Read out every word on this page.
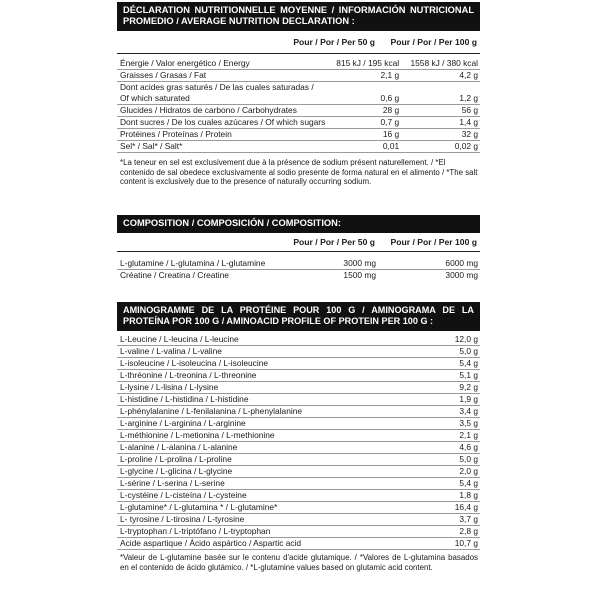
DÉCLARATION NUTRITIONNELLE MOYENNE / INFORMACIÓN NUTRICIONAL PROMEDIO / AVERAGE NUTRITION DECLARATION :
Pour / Por / Per 50 g	Pour / Por / Per 100 g
Énergie / Valor energético / Energy	815 kJ / 195 kcal	1558 kJ / 380 kcal
Graisses / Grasas / Fat	2,1 g	4,2 g
Dont acides gras saturés / De las cuales saturadas /		
Of which saturated	0,6 g	1,2 g
Glucides / Hidratos de carbono / Carbohydrates	28 g	56 g
Dont sucres / De los cuales azúcares / Of which sugars	0,7 g	1,4 g
Protéines / Proteínas / Protein	16 g	32 g
Sel* / Sal* / Salt*	0,01	0,02 g
*La teneur en sel est exclusivement due à la présence de sodium présent naturellement. / *El contenido de sal obedece exclusivamente al sodio presente de forma natural en el alimento / *The salt content is exclusively due to the presence of naturally occurring sodium.
COMPOSITION / COMPOSICIÓN / COMPOSITION:
Pour / Por / Per 50 g	Pour / Por / Per 100 g
L-glutamine / L-glutamina / L-glutamine	3000 mg	6000 mg
Créatine / Creatina / Creatine	1500 mg	3000 mg
AMINOGRAMME DE LA PROTÉINE POUR 100 G / AMINOGRAMA DE LA PROTEÍNA POR 100 G / AMINOACID PROFILE OF PROTEIN PER 100 G :
L-Leucine / L-leucina / L-leucine	12,0 g
L-valine / L-valina / L-valine	5,0 g
L-isoleucine / L-isoleucina / L-isoleucine	5,4 g
L-thréonine / L-treonina / L-threonine	5,1 g
L-lysine / L-lisina / L-lysine	9,2 g
L-histidine / L-histidina / L-histidine	1,9 g
L-phénylalanine / L-fenilalanina / L-phenylalanine	3,4 g
L-arginine / L-arginina / L-arginine	3,5 g
L-méthionine / L-metionina / L-methionine	2,1 g
L-alanine / L-alanina / L-alanine	4,6 g
L-proline / L-prolina / L-proline	5,0 g
L-glycine / L-glicina / L-glycine	2,0 g
L-sérine / L-serina / L-serine	5,4 g
L-cystéine / L-cisteína / L-cysteine	1,8 g
L-glutamine* / L-glutamina * / L-glutamine*	16,4 g
L- tyrosine / L-tirosina / L-tyrosine	3,7 g
L-tryptophan / L-triptófano / L-tryptophan	2,8 g
Acide aspartique / Ácido aspártico / Aspartic acid	10,7 g
*Valeur de L-glutamine basée sur le contenu d'acide glutamique. / *Valores de L-glutamina basados en el contenido de ácido glutámico. / *L-glutamine values based on glutamic acid content.
